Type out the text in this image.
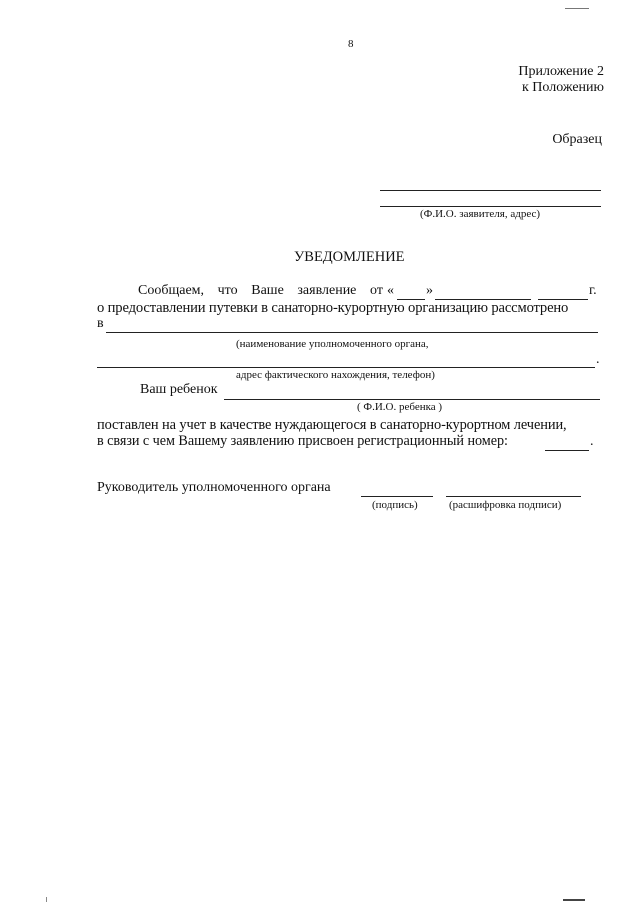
8
Приложение 2
к Положению
Образец
(Ф.И.О. заявителя, адрес)
УВЕДОМЛЕНИЕ
Сообщаем, что Ваше заявление от « »	г.
о предоставлении путевки в санаторно-курортную организацию рассмотрено
в
(наименование уполномоченного органа,
.
адрес фактического нахождения, телефон)
Ваш ребенок
( Ф.И.О. ребенка )
поставлен на учет в качестве нуждающегося в санаторно-курортном лечении,
в связи с чем Вашему заявлению присвоен регистрационный номер:	.
Руководитель уполномоченного органа
(подпись)	(расшифровка подписи)
